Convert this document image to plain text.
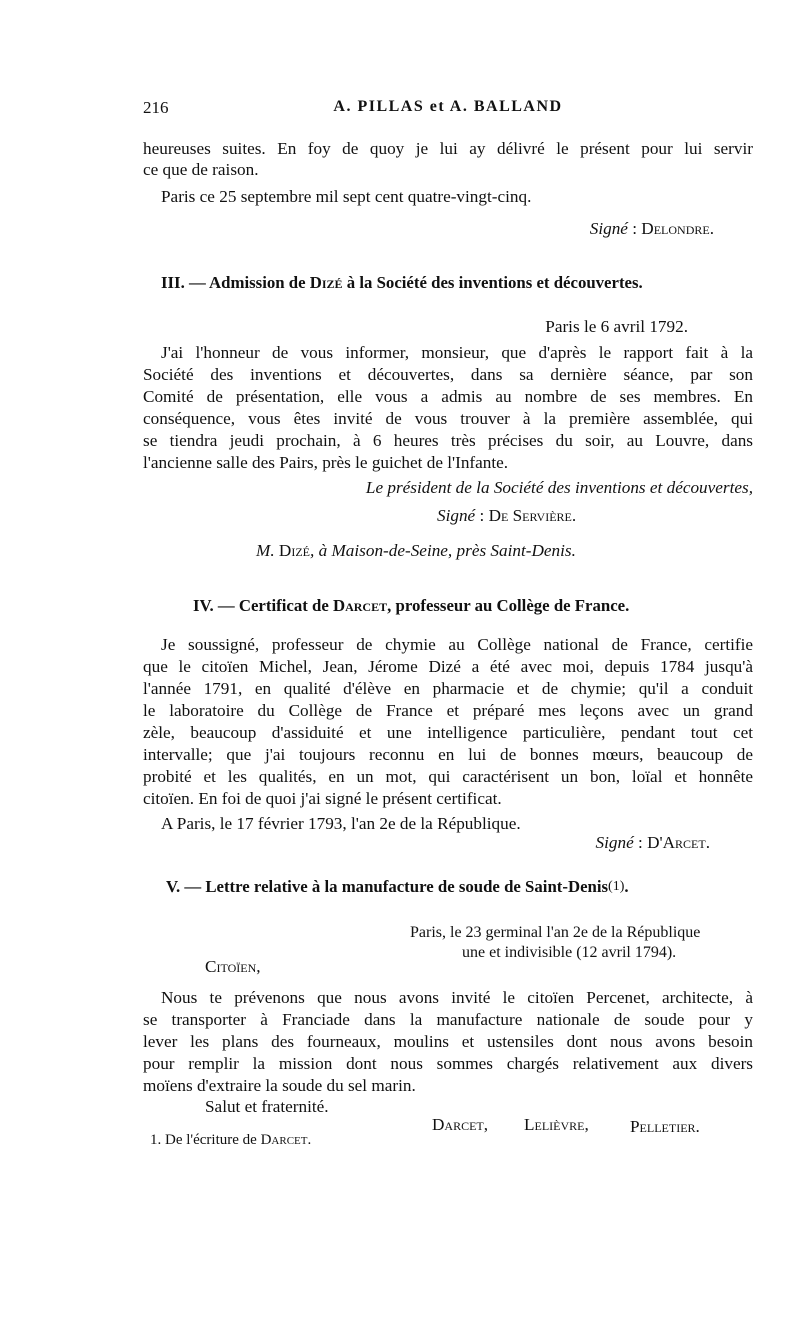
216	A. PILLAS et A. BALLAND
heureuses suites. En foy de quoy je lui ay délivré le présent pour lui servir
ce que de raison.
Paris ce 25 septembre mil sept cent quatre-vingt-cinq.
Signé : Delondre.
III. — Admission de Dizé à la Société des inventions et découvertes.
Paris le 6 avril 1792.
J'ai l'honneur de vous informer, monsieur, que d'après le rapport fait à la
Société des inventions et découvertes, dans sa dernière séance, par son
Comité de présentation, elle vous a admis au nombre de ses membres. En
conséquence, vous êtes invité de vous trouver à la première assemblée, qui
se tiendra jeudi prochain, à 6 heures très précises du soir, au Louvre, dans
l'ancienne salle des Pairs, près le guichet de l'Infante.
Le président de la Société des inventions et découvertes,
Signé : De Servière.
M. Dizé, à Maison-de-Seine, près Saint-Denis.
IV. — Certificat de Darcet, professeur au Collège de France.
Je soussigné, professeur de chymie au Collège national de France, certifie
que le citoïen Michel, Jean, Jérome Dizé a été avec moi, depuis 1784 jusqu'à
l'année 1791, en qualité d'élève en pharmacie et de chymie; qu'il a conduit
le laboratoire du Collège de France et préparé mes leçons avec un grand
zèle, beaucoup d'assiduité et une intelligence particulière, pendant tout cet
intervalle; que j'ai toujours reconnu en lui de bonnes mœurs, beaucoup de
probité et les qualités, en un mot, qui caractérisent un bon, loïal et honnête
citoïen. En foi de quoi j'ai signé le présent certificat.
A Paris, le 17 février 1793, l'an 2e de la République.
Signé : D'Arcet.
V. — Lettre relative à la manufacture de soude de Saint-Denis(1).
Paris, le 23 germinal l'an 2e de la République
une et indivisible (12 avril 1794).
Citoïen,
Nous te prévenons que nous avons invité le citoïen Percenet, architecte, à
se transporter à Franciade dans la manufacture nationale de soude pour y
lever les plans des fourneaux, moulins et ustensiles dont nous avons besoin
pour remplir la mission dont nous sommes chargés relativement aux divers
moïens d'extraire la soude du sel marin.
Salut et fraternité.
Darcet, Lelièvre, Pelletier.
1. De l'écriture de Darcet.
